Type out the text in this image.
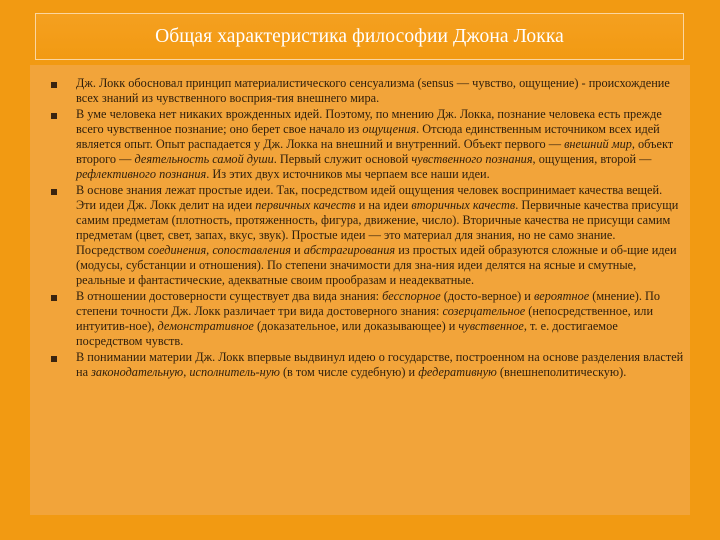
Общая характеристика философии Джона Локка
Дж. Локк обосновал принцип материалистического сенсуализма (sensus — чувство, ощущение) - происхождение всех знаний из чувственного восприя-тия внешнего мира.
В уме человека нет никаких врожденных идей. Поэтому, по мнению Дж. Локка, познание человека есть прежде всего чувственное познание; оно берет свое начало из ощущения. Отсюда единственным источником всех идей является опыт. Опыт распадается у Дж. Локка на внешний и внутренний. Объект первого — внешний мир, объект второго — деятельность самой души. Первый служит основой чувственного познания, ощущения, второй — рефлективного познания. Из этих двух источников мы черпаем все наши идеи.
В основе знания лежат простые идеи. Так, посредством идей ощущения человек воспринимает качества вещей. Эти идеи Дж. Локк делит на идеи первичных качеств и на идеи вторичных качеств. Первичные качества присущи самим предметам (плотность, протяженность, фигура, движение, число). Вторичные качества не присущи самим предметам (цвет, свет, запах, вкус, звук). Простые идеи — это материал для знания, но не само знание. Посредством соединения, сопоставления и абстрагирования из простых идей образуются сложные и об-щие идеи (модусы, субстанции и отношения). По степени значимости для зна-ния идеи делятся на ясные и смутные, реальные и фантастические, адекватные своим прообразам и неадекватные.
В отношении достоверности существует два вида знания: бесспорное (досто-верное) и вероятное (мнение). По степени точности Дж. Локк различает три вида достоверного знания: созерцательное (непосредственное, или интуитив-ное), демонстративное (доказательное, или доказывающее) и чувственное, т. е. достигаемое посредством чувств.
В понимании материи Дж. Локк впервые выдвинул идею о государстве, построенном на основе разделения властей на законодательную, исполнитель-ную (в том числе судебную) и федеративную (внешнеполитическую).
